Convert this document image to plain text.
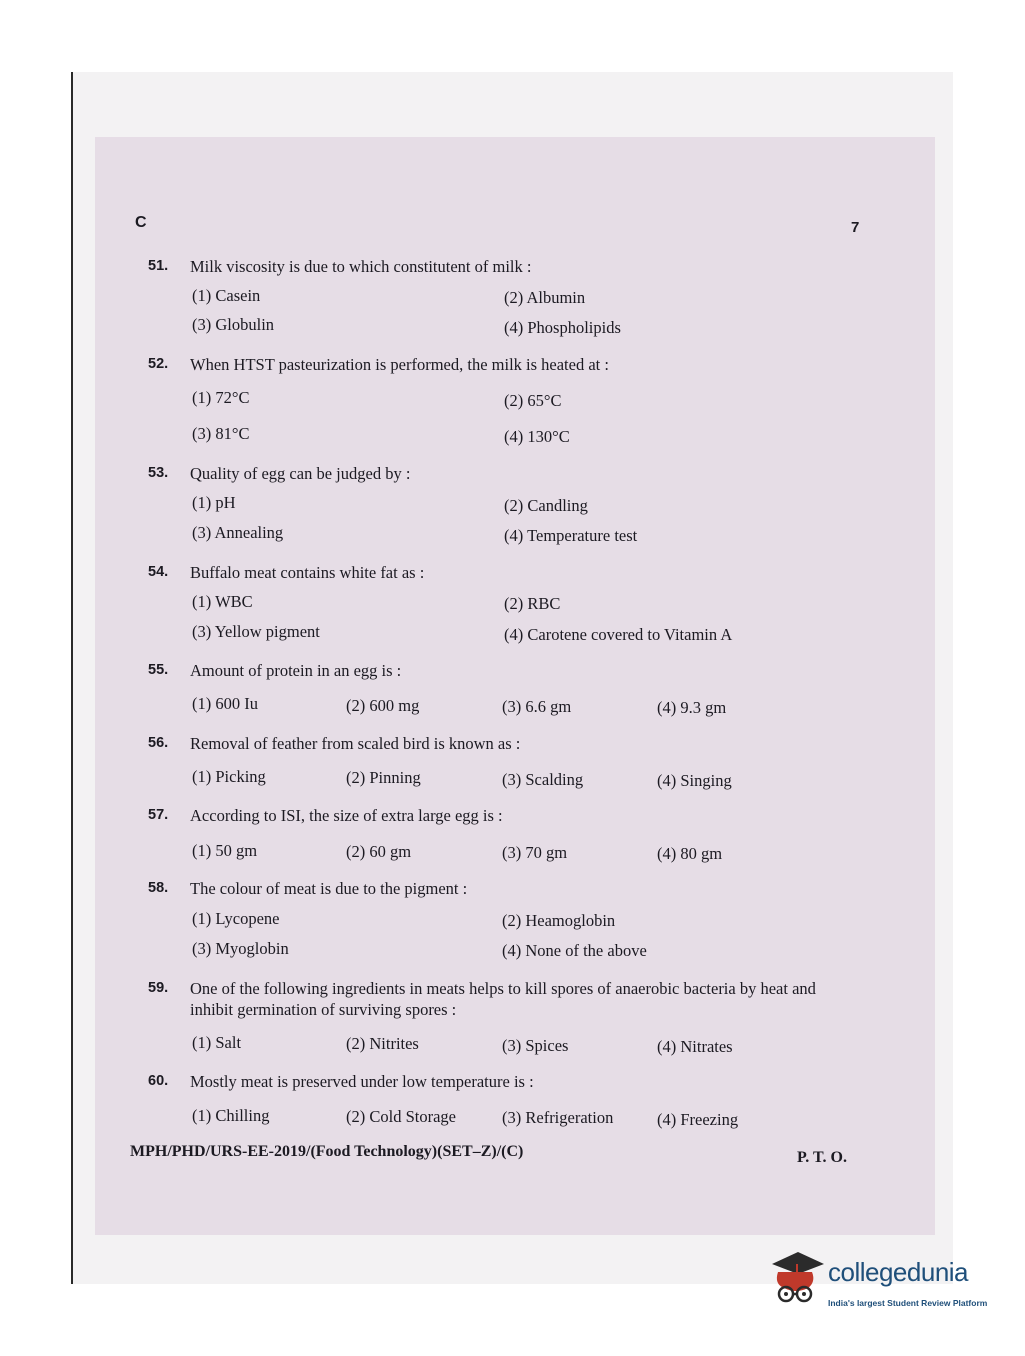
C	7
51.	Milk viscosity is due to which constitutent of milk :
(1) Casein	(2) Albumin
(3) Globulin	(4) Phospholipids
52.	When HTST pasteurization is performed, the milk is heated at :
(1) 72°C	(2) 65°C
(3) 81°C	(4) 130°C
53.	Quality of egg can be judged by :
(1) pH	(2) Candling
(3) Annealing	(4) Temperature test
54.	Buffalo meat contains white fat as :
(1) WBC	(2) RBC
(3) Yellow pigment	(4) Carotene covered to Vitamin A
55.	Amount of protein in an egg is :
(1) 600 Iu	(2) 600 mg	(3) 6.6 gm	(4) 9.3 gm
56.	Removal of feather from scaled bird is known as :
(1) Picking	(2) Pinning	(3) Scalding	(4) Singing
57.	According to ISI, the size of extra large egg is :
(1) 50 gm	(2) 60 gm	(3) 70 gm	(4) 80 gm
58.	The colour of meat is due to the pigment :
(1) Lycopene	(2) Heamoglobin
(3) Myoglobin	(4) None of the above
59.	One of the following ingredients in meats helps to kill spores of anaerobic bacteria by heat and inhibit germination of surviving spores :
(1) Salt	(2) Nitrites	(3) Spices	(4) Nitrates
60.	Mostly meat is preserved under low temperature is :
(1) Chilling	(2) Cold Storage	(3) Refrigeration	(4) Freezing
MPH/PHD/URS-EE-2019/(Food Technology)(SET–Z)/(C)	P. T. O.
collegedunia
India's largest Student Review Platform
